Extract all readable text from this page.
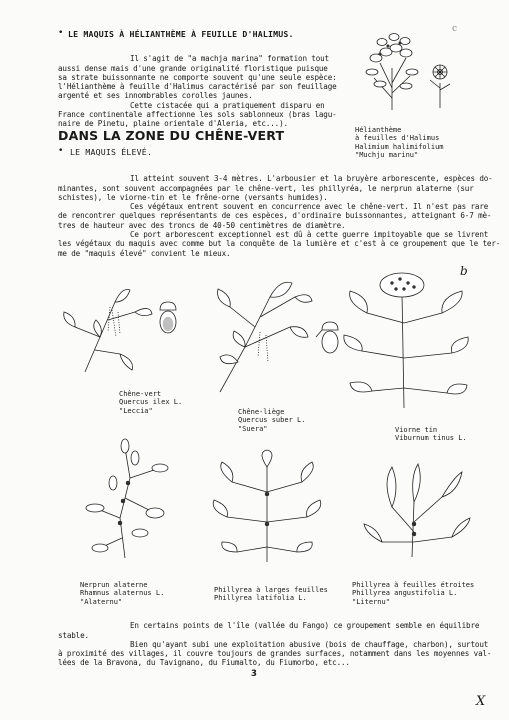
• LE MAQUIS À HÉLIANTHÈME À FEUILLE D'HALIMUS.

Il s'agit de "a machja marina" formation tout
aussi dense mais d'une grande originalité floristique puisque
sa strate buissonnante ne comporte souvent qu'une seule espèce:
l'Hélianthème à feuille d'Halimus caractérisé par son feuillage
argenté et ses innombrables corolles jaunes.
Cette cistacée qui a pratiquement disparu en
France continentale affectionne les sols sablonneux (bras lagu-
naire de Pinetu, plaine orientale d'Aleria, etc...).

Hélianthème
à feuilles d'Halimus
Halimium halimifolium
"Muchju marinu"

DANS LA ZONE DU CHÊNE-VERT
• LE MAQUIS ÉLEVÉ.

Il atteint souvent 3-4 mètres. L'arbousier et la bruyère arborescente, espèces do-
minantes, sont souvent accompagnées par le chêne-vert, les phillyréa, le nerprun alaterne (sur
schistes), le viorne-tin et le frêne-orne (versants humides).
Ces végétaux entrent souvent en concurrence avec le chêne-vert. Il n'est pas rare
de rencontrer quelques représentants de ces espèces, d'ordinaire buissonnantes, atteignant 6-7 mè-
tres de hauteur avec des troncs de 40-50 centimètres de diamètre.
Ce port arborescent exceptionnel est dû à cette guerre impitoyable que se livrent
les végétaux du maquis avec comme but la conquête de la lumière et c'est à ce groupement que le ter-
me de "maquis élevé" convient le mieux.

Chêne-vert
Quercus ilex L.
"Leccia"	Chêne-liège
Quercus suber L.
"Suera"

b

Viorne tin
Viburnum tinus L.

Nerprun alaterne
Rhamnus alaternus L.
"Alaternu"

Phillyrea à larges feuilles
Phillyrea latifolia L.

Phillyrea à feuilles étroites
Phillyrea angustifolia L.
"Liternu"

En certains points de l'île (vallée du Fango) ce groupement semble en équilibre
stable.
Bien qu'ayant subi une exploitation abusive (bois de chauffage, charbon), surtout
à proximité des villages, il couvre toujours de grandes surfaces, notamment dans les moyennes val-
lées de la Bravona, du Tavignano, du Fiumalto, du Fiumorbo, etc...

3
c
X
